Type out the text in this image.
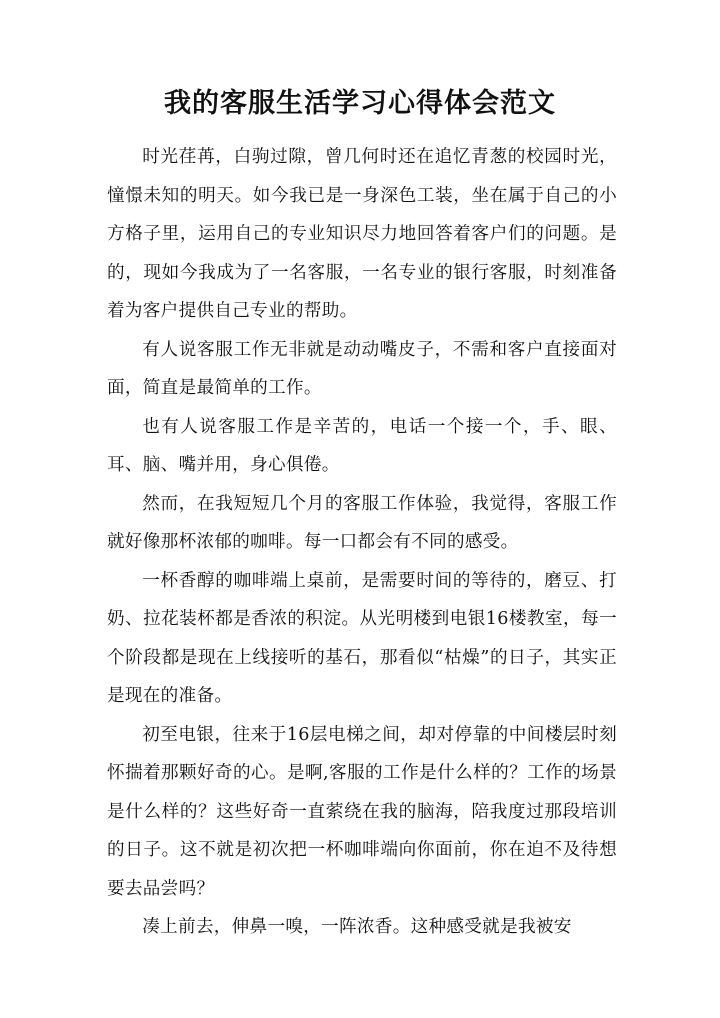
我的客服生活学习心得体会范文

时光荏苒，白驹过隙，曾几何时还在追忆青葱的校园时光，憧憬未知的明天。如今我已是一身深色工装，坐在属于自己的小方格子里，运用自己的专业知识尽力地回答着客户们的问题。是的，现如今我成为了一名客服，一名专业的银行客服，时刻准备着为客户提供自己专业的帮助。

有人说客服工作无非就是动动嘴皮子，不需和客户直接面对面，简直是最简单的工作。

也有人说客服工作是辛苦的，电话一个接一个，手、眼、耳、脑、嘴并用，身心俱倦。

然而，在我短短几个月的客服工作体验，我觉得，客服工作就好像那杯浓郁的咖啡。每一口都会有不同的感受。

一杯香醇的咖啡端上桌前，是需要时间的等待的，磨豆、打奶、拉花装杯都是香浓的积淀。从光明楼到电银16楼教室，每一个阶段都是现在上线接听的基石，那看似“枯燥”的日子，其实正是现在的准备。

初至电银，往来于16层电梯之间，却对停靠的中间楼层时刻怀揣着那颗好奇的心。是啊,客服的工作是什么样的？工作的场景是什么样的？这些好奇一直萦绕在我的脑海，陪我度过那段培训的日子。这不就是初次把一杯咖啡端向你面前，你在迫不及待想要去品尝吗？

凑上前去，伸鼻一嗅，一阵浓香。这种感受就是我被安
